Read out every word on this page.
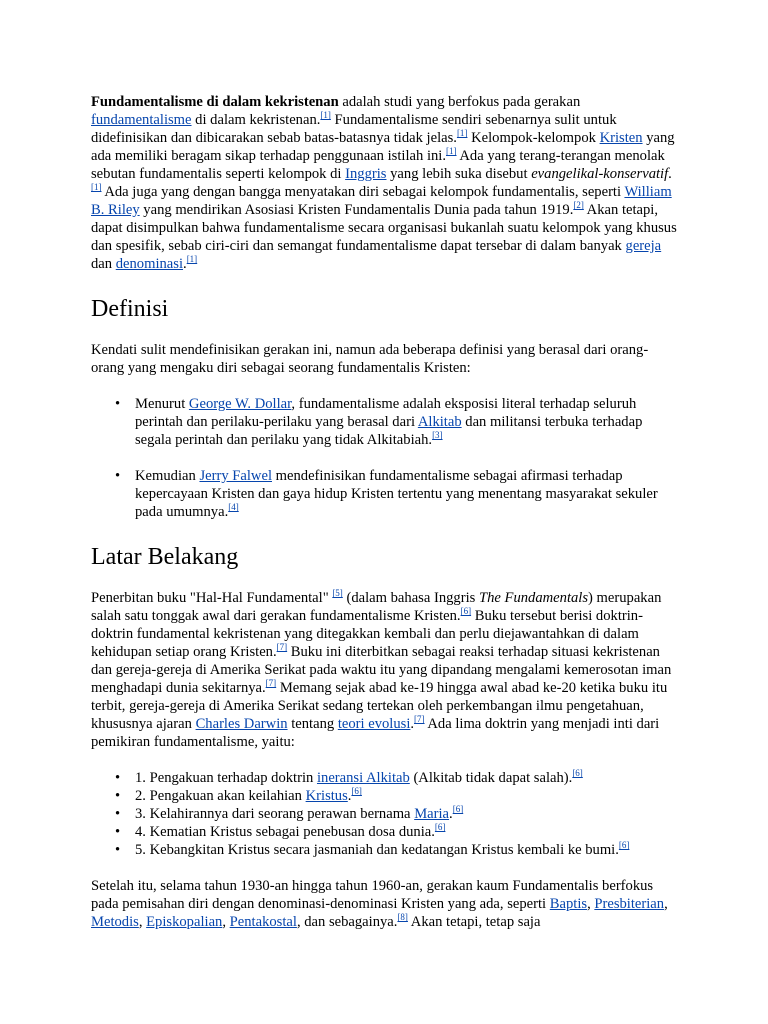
Fundamentalisme di dalam kekristenan adalah studi yang berfokus pada gerakan fundamentalisme di dalam kekristenan.[1] Fundamentalisme sendiri sebenarnya sulit untuk didefinisikan dan dibicarakan sebab batas-batasnya tidak jelas.[1] Kelompok-kelompok Kristen yang ada memiliki beragam sikap terhadap penggunaan istilah ini.[1] Ada yang terang-terangan menolak sebutan fundamentalis seperti kelompok di Inggris yang lebih suka disebut evangelikal-konservatif.[1] Ada juga yang dengan bangga menyatakan diri sebagai kelompok fundamentalis, seperti William B. Riley yang mendirikan Asosiasi Kristen Fundamentalis Dunia pada tahun 1919.[2] Akan tetapi, dapat disimpulkan bahwa fundamentalisme secara organisasi bukanlah suatu kelompok yang khusus dan spesifik, sebab ciri-ciri dan semangat fundamentalisme dapat tersebar di dalam banyak gereja dan denominasi.[1]

Definisi

Kendati sulit mendefinisikan gerakan ini, namun ada beberapa definisi yang berasal dari orang-orang yang mengaku diri sebagai seorang fundamentalis Kristen:

• Menurut George W. Dollar, fundamentalisme adalah eksposisi literal terhadap seluruh perintah dan perilaku-perilaku yang berasal dari Alkitab dan militansi terbuka terhadap segala perintah dan perilaku yang tidak Alkitabiah.[3]
• Kemudian Jerry Falwel mendefinisikan fundamentalisme sebagai afirmasi terhadap kepercayaan Kristen dan gaya hidup Kristen tertentu yang menentang masyarakat sekuler pada umumnya.[4]
Latar Belakang

Penerbitan buku "Hal-Hal Fundamental" [5] (dalam bahasa Inggris The Fundamentals) merupakan salah satu tonggak awal dari gerakan fundamentalisme Kristen.[6] Buku tersebut berisi doktrin-doktrin fundamental kekristenan yang ditegakkan kembali dan perlu diejawantahkan di dalam kehidupan setiap orang Kristen.[7] Buku ini diterbitkan sebagai reaksi terhadap situasi kekristenan dan gereja-gereja di Amerika Serikat pada waktu itu yang dipandang mengalami kemerosotan iman menghadapi dunia sekitarnya.[7] Memang sejak abad ke-19 hingga awal abad ke-20 ketika buku itu terbit, gereja-gereja di Amerika Serikat sedang tertekan oleh perkembangan ilmu pengetahuan, khususnya ajaran Charles Darwin tentang teori evolusi.[7] Ada lima doktrin yang menjadi inti dari pemikiran fundamentalisme, yaitu:

• 1. Pengakuan terhadap doktrin ineransi Alkitab (Alkitab tidak dapat salah).[6]
• 2. Pengakuan akan keilahian Kristus.[6]
• 3. Kelahirannya dari seorang perawan bernama Maria.[6]
• 4. Kematian Kristus sebagai penebusan dosa dunia.[6]
• 5. Kebangkitan Kristus secara jasmaniah dan kedatangan Kristus kembali ke bumi.[6]

Setelah itu, selama tahun 1930-an hingga tahun 1960-an, gerakan kaum Fundamentalis berfokus pada pemisahan diri dengan denominasi-denominasi Kristen yang ada, seperti Baptis, Presbiterian, Metodis, Episkopalian, Pentakostal, dan sebagainya.[8] Akan tetapi, tetap saja
